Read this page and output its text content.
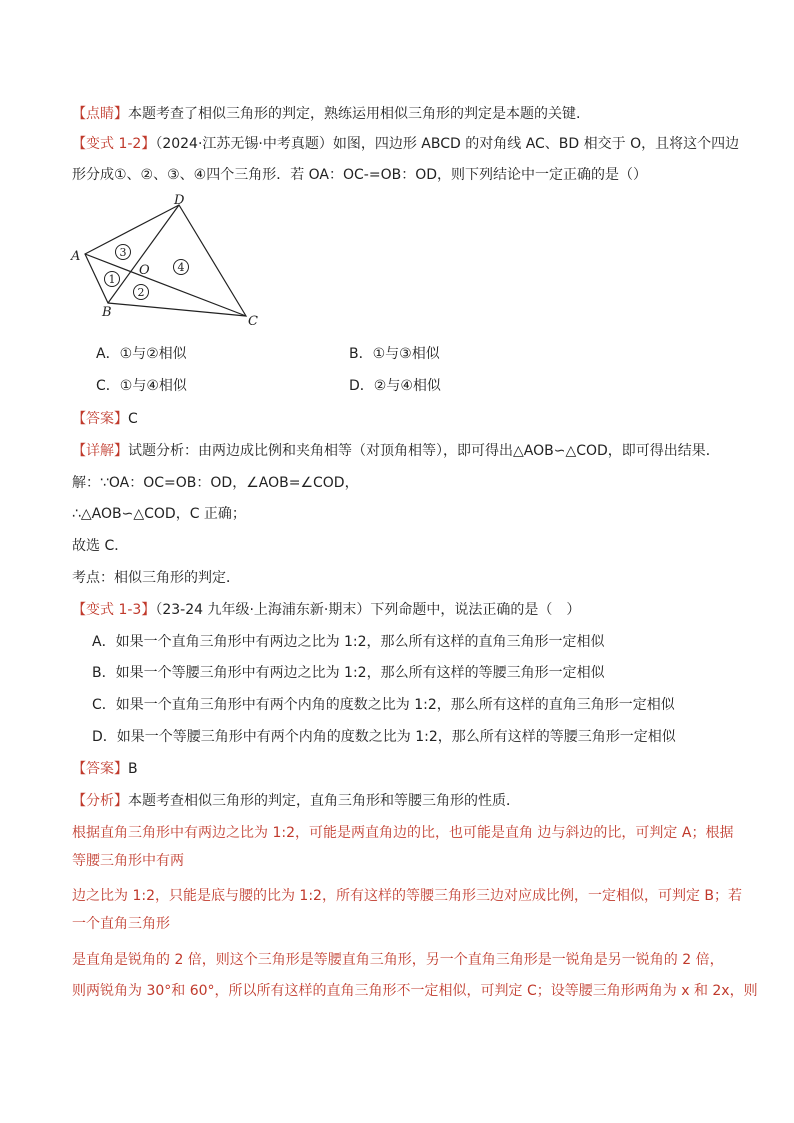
【点睛】本题考查了相似三角形的判定，熟练运用相似三角形的判定是本题的关键.
【变式 1-2】（2024·江苏无锡·中考真题）如图，四边形 ABCD 的对角线 AC、BD 相交于 O，且将这个四边
形分成①、②、③、④四个三角形．若 OA：OC-=OB：OD，则下列结论中一定正确的是（）
A
D
B
C
O
3
1
2
4
A．①与②相似	B．①与③相似
C．①与④相似	D．②与④相似
【答案】C
【详解】试题分析：由两边成比例和夹角相等（对顶角相等），即可得出△AOB∽△COD，即可得出结果．
解：∵OA：OC=OB：OD，∠AOB=∠COD，
∴△AOB∽△COD，C 正确；
故选 C．
考点：相似三角形的判定．
【变式 1-3】（23-24 九年级·上海浦东新·期末）下列命题中，说法正确的是（　）
A．如果一个直角三角形中有两边之比为 1:2，那么所有这样的直角三角形一定相似
B．如果一个等腰三角形中有两边之比为 1:2，那么所有这样的等腰三角形一定相似
C．如果一个直角三角形中有两个内角的度数之比为 1:2，那么所有这样的直角三角形一定相似
D．如果一个等腰三角形中有两个内角的度数之比为 1:2，那么所有这样的等腰三角形一定相似
【答案】B
【分析】本题考查相似三角形的判定，直角三角形和等腰三角形的性质．
根据直角三角形中有两边之比为 1:2，可能是两直角边的比，也可能是直角 边与斜边的比，可判定 A；根据
等腰三角形中有两
边之比为 1:2，只能是底与腰的比为 1:2，所有这样的等腰三角形三边对应成比例，一定相似，可判定 B；若
一个直角三角形
是直角是锐角的 2 倍，则这个三角形是等腰直角三角形，另一个直角三角形是一锐角是另一锐角的 2 倍，
则两锐角为 30°和 60°，所以所有这样的直角三角形不一定相似，可判定 C；设等腰三角形两角为 x 和 2x，则
